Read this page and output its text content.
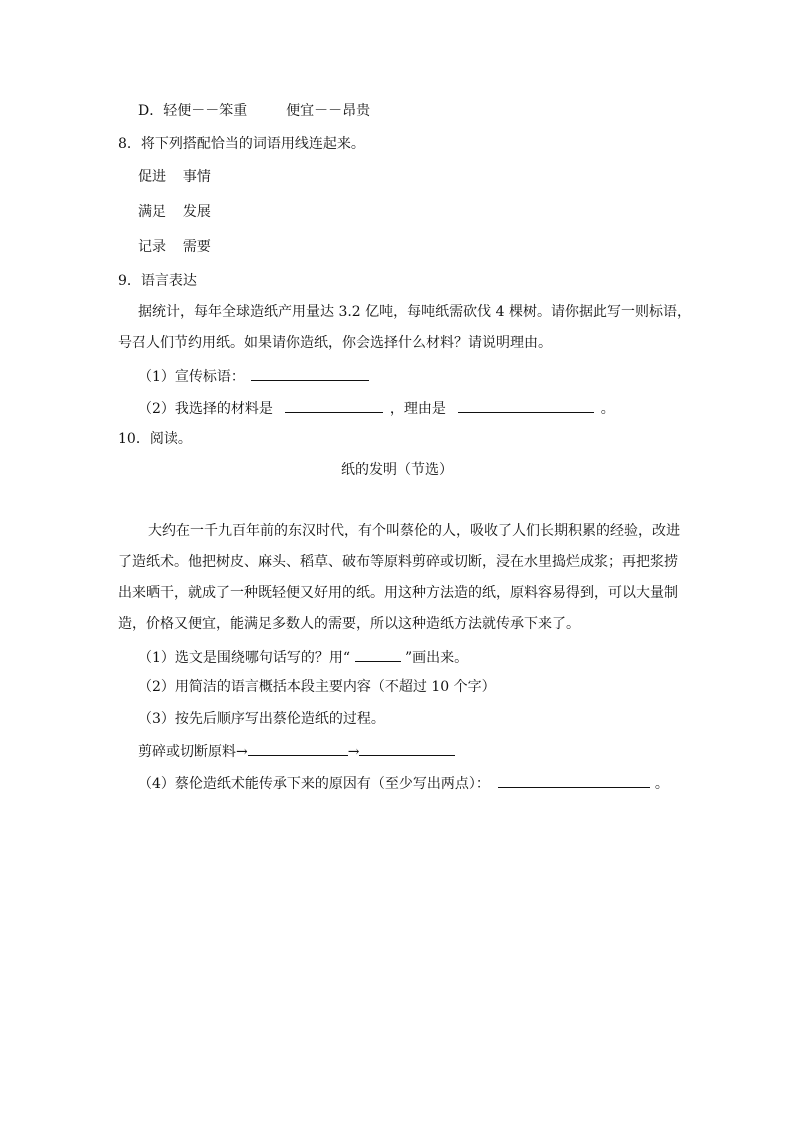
D．轻便－－笨重	便宜－－昂贵
8．将下列搭配恰当的词语用线连起来。
促进 事情
满足 发展
记录 需要
9．语言表达
据统计，每年全球造纸产用量达 3.2 亿吨，每吨纸需砍伐 4 棵树。请你据此写一则标语，
号召人们节约用纸。如果请你造纸，你会选择什么材料？请说明理由。
（1）宣传标语：
（2）我选择的材料是	，理由是	。
10．阅读。
纸的发明（节选）
大约在一千九百年前的东汉时代，有个叫蔡伦的人，吸收了人们长期积累的经验，改进
了造纸术。他把树皮、麻头、稻草、破布等原料剪碎或切断，浸在水里捣烂成浆；再把浆捞
出来晒干，就成了一种既轻便又好用的纸。用这种方法造的纸，原料容易得到，可以大量制
造，价格又便宜，能满足多数人的需要，所以这种造纸方法就传承下来了。
（1）选文是围绕哪句话写的？用“	”画出来。
（2）用简洁的语言概括本段主要内容（不超过 10 个字）
（3）按先后顺序写出蔡伦造纸的过程。
剪碎或切断原料→	→
（4）蔡伦造纸术能传承下来的原因有（至少写出两点）：	。
